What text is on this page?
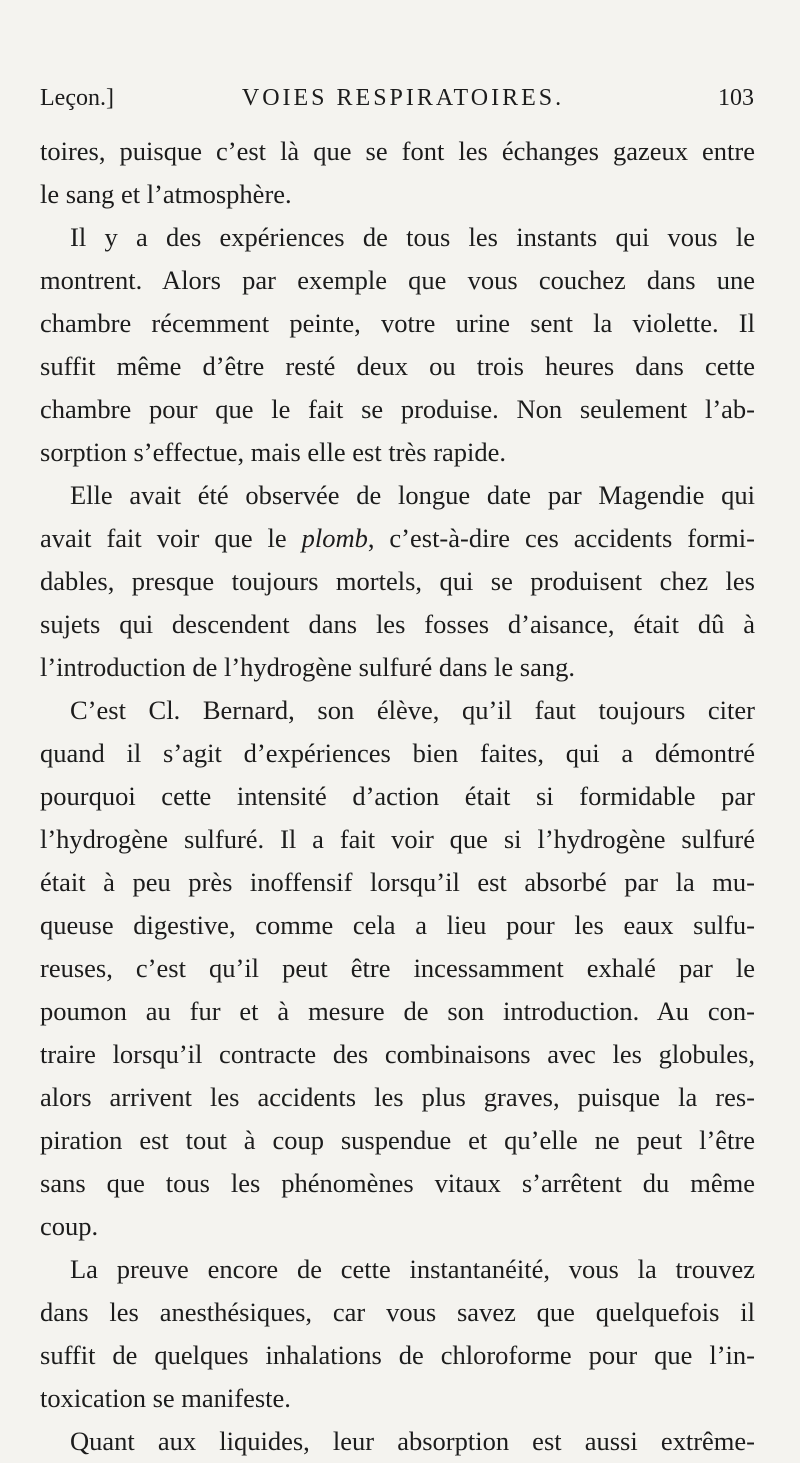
Leçon.]	VOIES RESPIRATOIRES.	103
toires, puisque c’est là que se font les échanges gazeux entre
le sang et l’atmosphère.
Il y a des expériences de tous les instants qui vous le
montrent. Alors par exemple que vous couchez dans une
chambre récemment peinte, votre urine sent la violette. Il
suffit même d’être resté deux ou trois heures dans cette
chambre pour que le fait se produise. Non seulement l’ab-
sorption s’effectue, mais elle est très rapide.
Elle avait été observée de longue date par Magendie qui
avait fait voir que le plomb, c’est-à-dire ces accidents formi-
dables, presque toujours mortels, qui se produisent chez les
sujets qui descendent dans les fosses d’aisance, était dû à
l’introduction de l’hydrogène sulfuré dans le sang.
C’est Cl. Bernard, son élève, qu’il faut toujours citer
quand il s’agit d’expériences bien faites, qui a démontré
pourquoi cette intensité d’action était si formidable par
l’hydrogène sulfuré. Il a fait voir que si l’hydrogène sulfuré
était à peu près inoffensif lorsqu’il est absorbé par la mu-
queuse digestive, comme cela a lieu pour les eaux sulfu-
reuses, c’est qu’il peut être incessamment exhalé par le
poumon au fur et à mesure de son introduction. Au con-
traire lorsqu’il contracte des combinaisons avec les globules,
alors arrivent les accidents les plus graves, puisque la res-
piration est tout à coup suspendue et qu’elle ne peut l’être
sans que tous les phénomènes vitaux s’arrêtent du même
coup.
La preuve encore de cette instantanéité, vous la trouvez
dans les anesthésiques, car vous savez que quelquefois il
suffit de quelques inhalations de chloroforme pour que l’in-
toxication se manifeste.
Quant aux liquides, leur absorption est aussi extrême-
